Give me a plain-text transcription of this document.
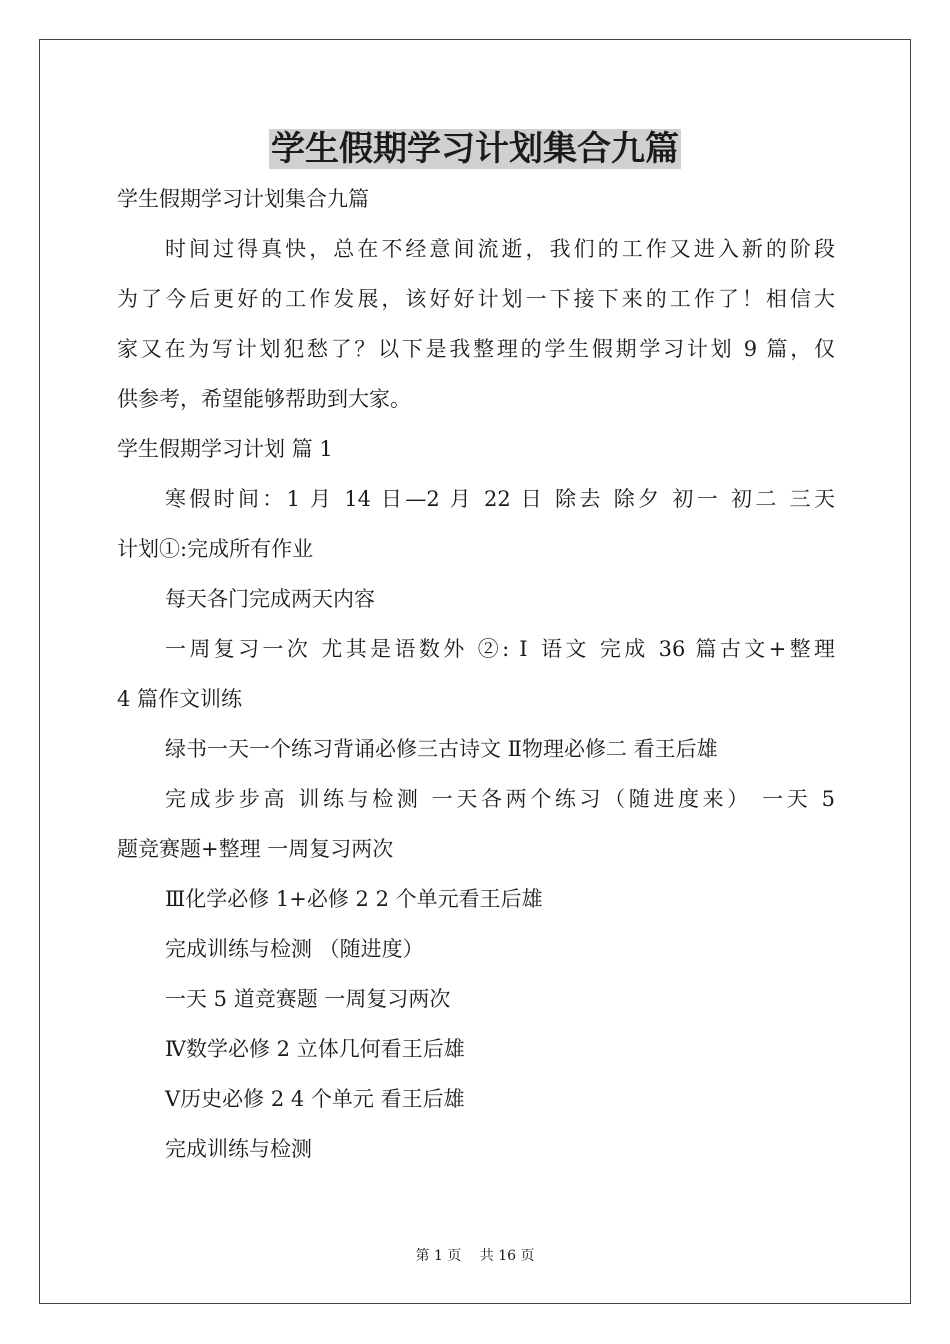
学生假期学习计划集合九篇
学生假期学习计划集合九篇
时间过得真快，总在不经意间流逝，我们的工作又进入新的阶段
为了今后更好的工作发展，该好好计划一下接下来的工作了！相信大
家又在为写计划犯愁了？以下是我整理的学生假期学习计划 9 篇，仅
供参考，希望能够帮助到大家。
学生假期学习计划 篇 1
寒假时间：1 月 14 日—2 月 22 日 除去 除夕 初一 初二 三天
计划①:完成所有作业
每天各门完成两天内容
一周复习一次 尤其是语数外 ②: Ⅰ 语文 完成 36 篇古文+整理
4 篇作文训练
绿书一天一个练习背诵必修三古诗文 Ⅱ物理必修二 看王后雄
完成步步高 训练与检测 一天各两个练习（随进度来） 一天 5
题竞赛题+整理 一周复习两次
Ⅲ化学必修 1+必修 2 2 个单元看王后雄
完成训练与检测 （随进度）
一天 5 道竞赛题 一周复习两次
Ⅳ数学必修 2 立体几何看王后雄
Ⅴ历史必修 2 4 个单元 看王后雄
完成训练与检测
第 1 页　 共 16 页
